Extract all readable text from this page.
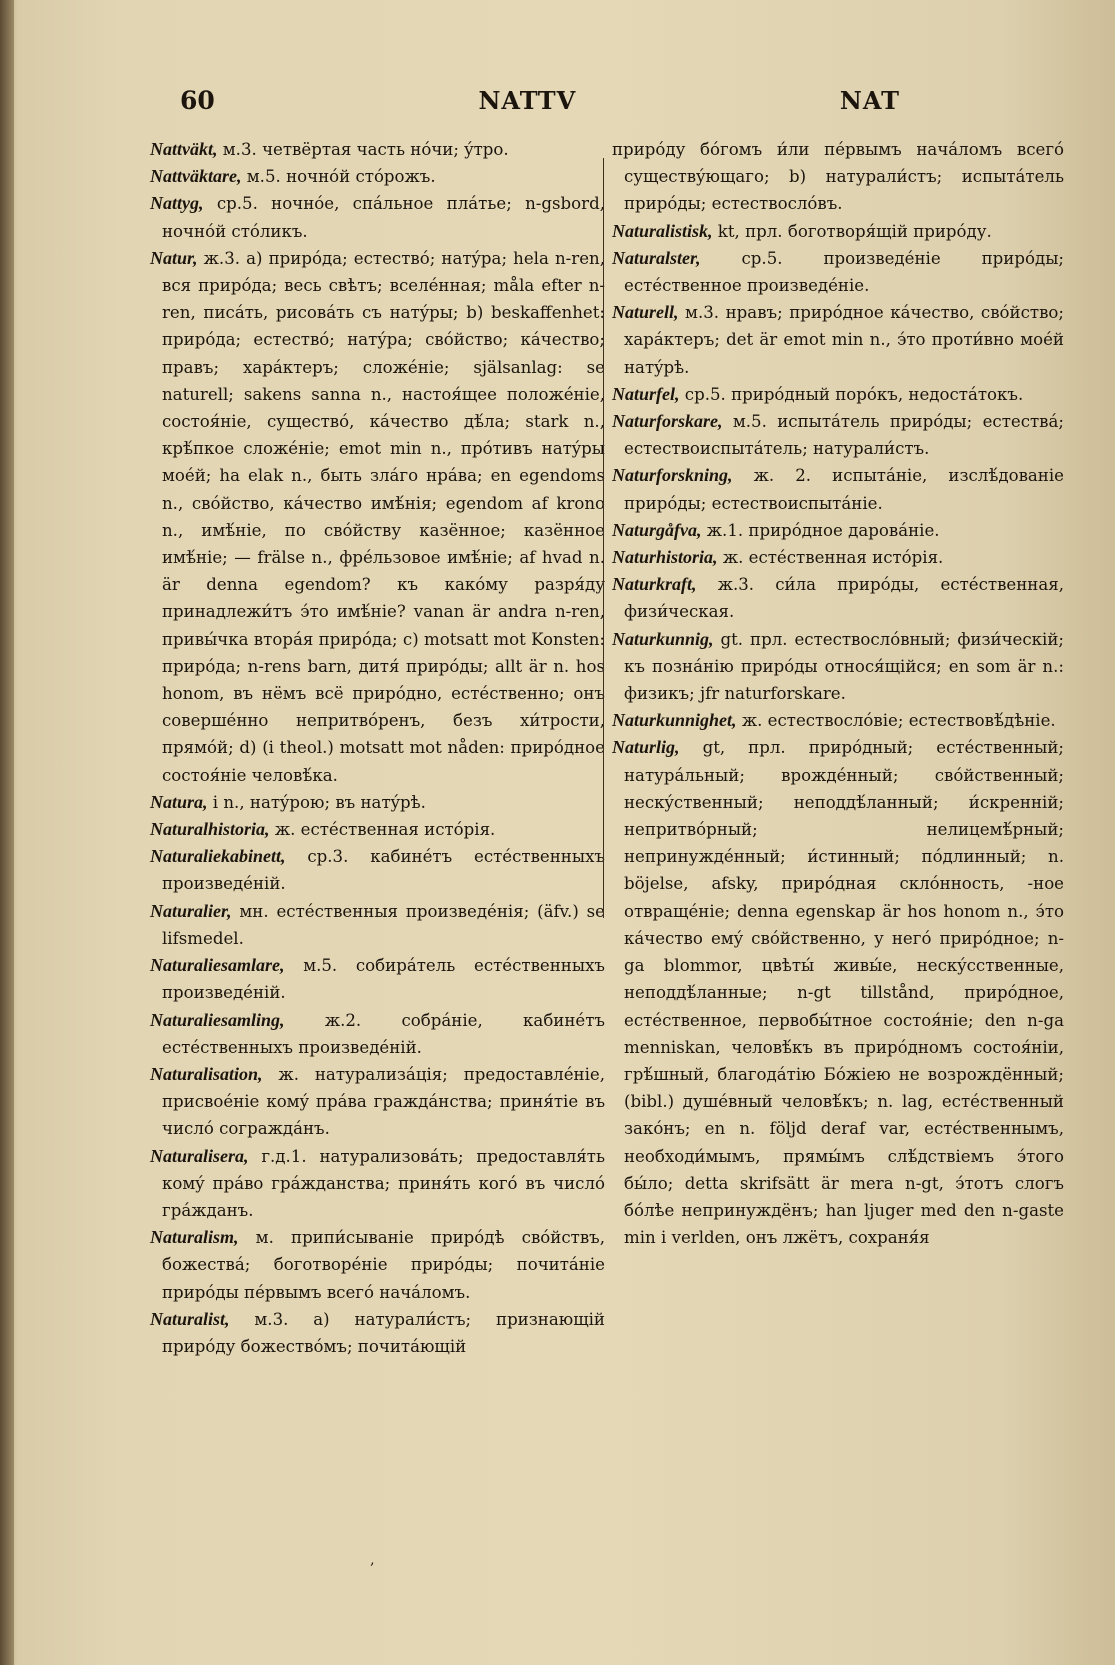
60	NATTV	NAT
Nattväkt, м.3. четвёртая часть нóчи; ýтро.
Nattväktare, м.5. ночнóй стóрожъ.
Nattyg, ср.5. ночнóе, спáльное плáтье; n-gsbord, ночнóй стóликъ.
Natur, ж.3. a) прирóда; естествó; натýра; hela n-ren, вся прирóда; весь свѣтъ; вселéнная; måla efter n-ren, писáть, рисовáть съ натýры; b) beskaffenhet: прирóда; естествó; натýра; свóйство; кáчество; правъ; харáктеръ; сложéніе; själsanlag: se naturell; sakens sanna n., настоя́щее положéніе, состоя́ніе, существó, кáчество дѣ́ла; stark n., крѣ́пкое сложéніе; emot min n., прóтивъ натýры моéй; ha elak n., быть злáго нрáва; en egendoms n., свóйство, кáчество имѣ́нія; egendom af krono n., имѣ́ніе, по свóйству казённое; казённое имѣ́ніе; — frälse n., фрéльзовое имѣ́ніе; af hvad n. är denna egendom? къ какóму разря́ду принадлежи́тъ э́то имѣ́ніе? vanan är andra n-ren, привы́чка вторáя прирóда; c) motsatt mot Konsten: прирóда; n-rens barn, дитя́ прирóды; allt är n. hos honom, въ нёмъ всё прирóдно, естéственно; онъ совершéнно непритвóренъ, безъ хи́трости, прямóй; d) (i theol.) motsatt mot nåden: прирóдное состоя́ніе человѣ́ка.
Natura, i n., натýрою; въ натýрѣ.
Naturalhistoria, ж. естéственная истóрія.
Naturaliekabinett, ср.3. кабинéтъ естéственныхъ произведéній.
Naturalier, мн. естéственныя произведéнія; (äfv.) se lifsmedel.
Naturaliesamlare, м.5. собирáтель естéственныхъ произведéній.
Naturaliesamling, ж.2. собрáніе, кабинéтъ естéственныхъ произведéній.
Naturalisation, ж. натурализáція; предоставлéніе, присвоéніе комý прáва граждáнства; приня́тіе въ числó сограждáнъ.
Naturalisera, г.д.1. натурализовáть; предоставля́ть комý прáво грáжданства; приня́ть когó въ числó грáжданъ.
Naturalism, м. припи́сываніе прирóдѣ свóйствъ, божествá; боготворéніе прирóды; почитáніе прирóды пéрвымъ всегó начáломъ.
Naturalist, м.3. a) натурали́стъ; признающій прирóду божествóмъ; почитáющій
прирóду бóгомъ и́ли пéрвымъ начáломъ всегó существýющаго; b) натурали́стъ; испытáтель прирóды; естествослóвъ.
Naturalistisk, kt, прл. боготворя́щій прирóду.
Naturalster, ср.5. произведéніе прирóды; естéственное произведéніе.
Naturell, м.3. нравъ; прирóдное кáчество, свóйство; харáктеръ; det är emot min n., э́то проти́вно моéй натýрѣ.
Naturfel, ср.5. прирóдный порóкъ, недостáтокъ.
Naturforskare, м.5. испытáтель прирóды; естествá; естествоиспытáтель; натурали́стъ.
Naturforskning, ж. 2. испытáніе, изслѣ́дованіе прирóды; естествоиспытáніе.
Naturgåfva, ж.1. прирóдное даровáніе.
Naturhistoria, ж. естéственная истóрія.
Naturkraft, ж.3. си́ла прирóды, естéственная, физи́ческая.
Naturkunnig, gt. прл. естествослóвный; физи́ческій; къ познáнію прирóды относя́щійся; en som är n.: физикъ; jfr naturforskare.
Naturkunnighet, ж. естествослóвіе; естествовѣ́дѣніе.
Naturlig, gt, прл. прирóдный; естéственный; натурáльный; врождéнный; свóйственный; нескýственный; неподдѣ́ланный; и́скренній; непритвóрный; нелицемѣ́рный; непринуждéнный; и́стинный; пóдлинный; n. böjelse, afsky, прирóдная склóнность, -ное отвращéніе; denna egenskap är hos honom n., э́то кáчество емý свóйственно, у негó прирóдное; n-ga blommor, цвѣты́ живы́е, нескýсственные, неподдѣ́ланные; n-gt tillstånd, прирóдное, естéственное, первобы́тное состоя́ніе; den n-ga menniskan, человѣ́къ въ прирóдномъ состоя́ніи, грѣ́шный, благодáтію Бóжіею не возрождённый; (bibl.) душéвный человѣ́къ; n. lag, естéственный закóнъ; en n. följd deraf var, естéственнымъ, необходи́мымъ, прямы́мъ слѣ́дствіемъ э́того бы́ло; detta skrifsätt är mera n-gt, э́тотъ слогъ бóлѣе непринуждёнъ; han ljuger med den n-gaste min i verlden, онъ лжётъ, сохраня́я
‚
